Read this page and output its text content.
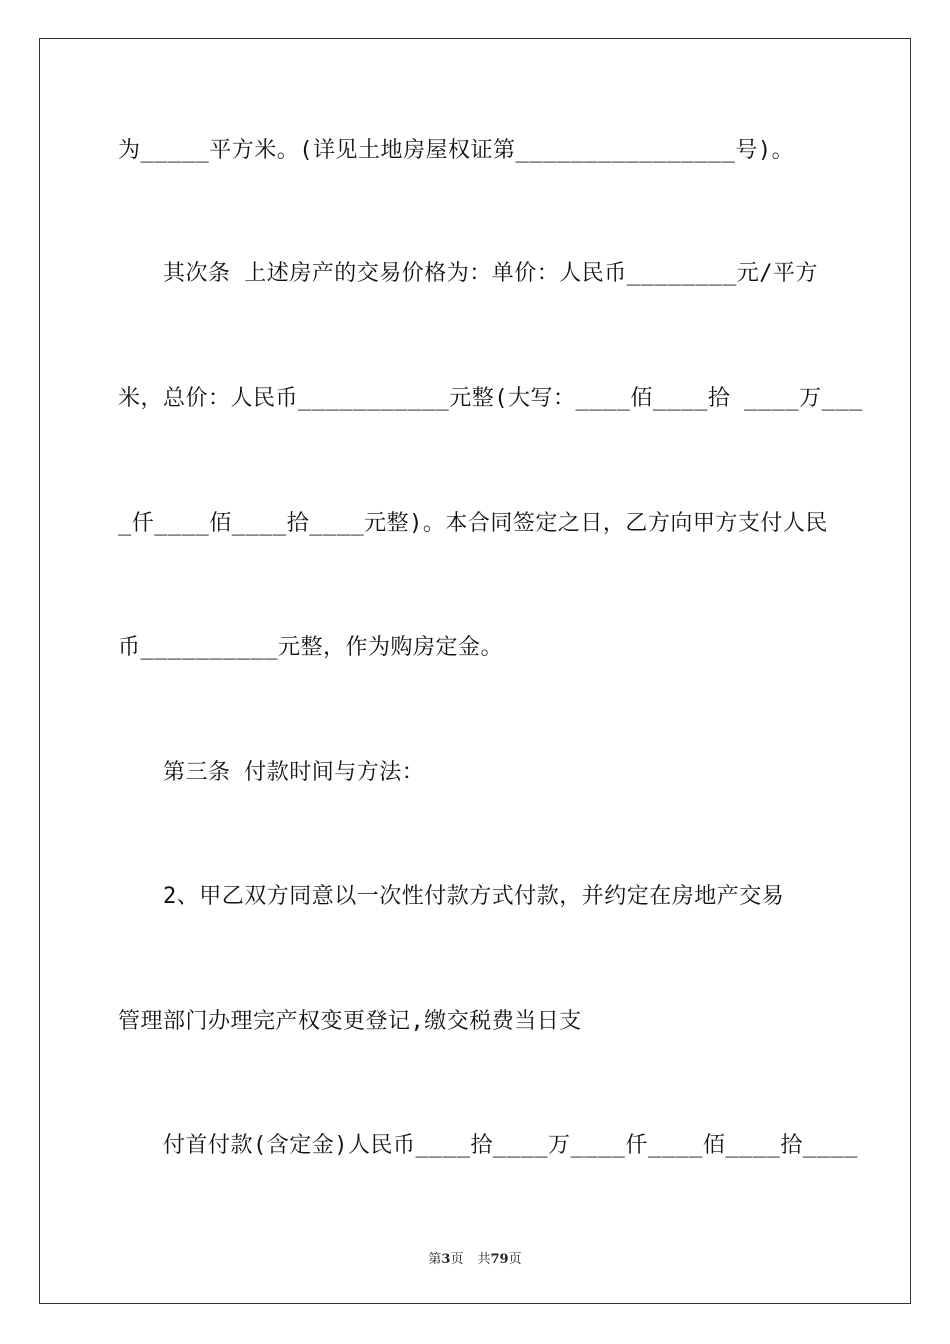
为_____平方米。(详见土地房屋权证第________________号)。
其次条 上述房产的交易价格为：单价：人民币________元/平方
米，总价：人民币___________元整(大写：____佰____拾 ____万___
_仟____佰____拾____元整)。本合同签定之日，乙方向甲方支付人民
币__________元整，作为购房定金。
第三条 付款时间与方法：
2、甲乙双方同意以一次性付款方式付款，并约定在房地产交易
管理部门办理完产权变更登记,缴交税费当日支
付首付款(含定金)人民币____拾____万____仟____佰____拾____
第3页 共79页
